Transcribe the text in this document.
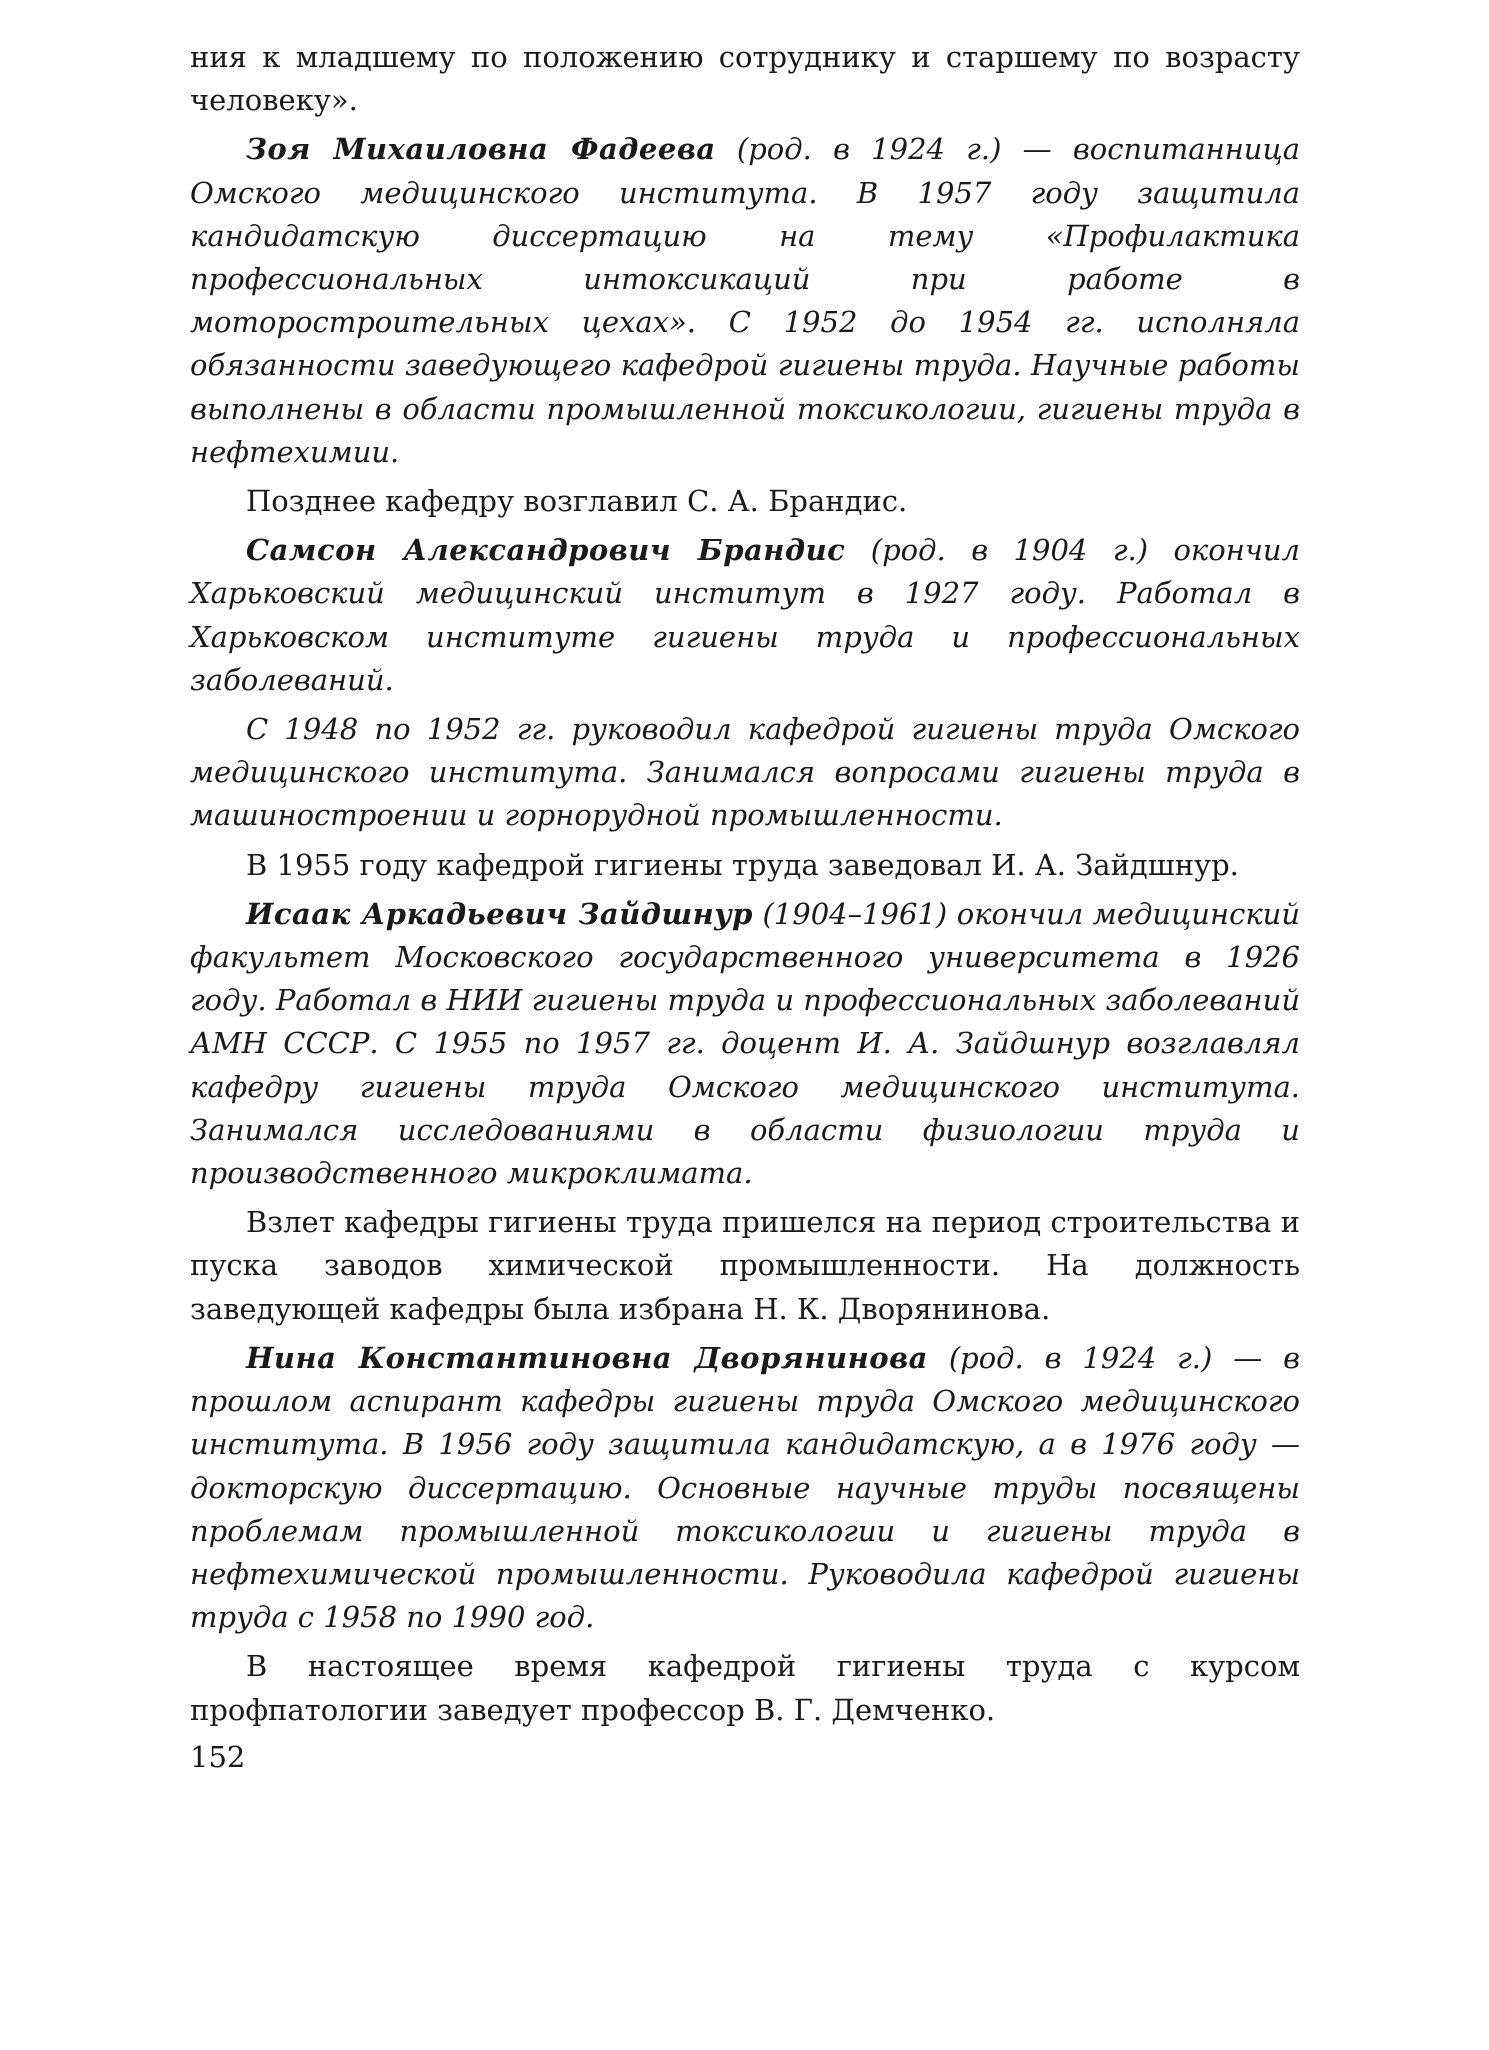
ния к младшему по положению сотруднику и старшему по возрасту человеку».

Зоя Михаиловна Фадеева (род. в 1924 г.) — воспитанница Омского медицинского института. В 1957 году защитила кандидатскую диссертацию на тему «Профилактика профессиональных интоксикаций при работе в моторостроительных цехах». С 1952 до 1954 гг. исполняла обязанности заведующего кафедрой гигиены труда. Научные работы выполнены в области промышленной токсикологии, гигиены труда в нефтехимии.

Позднее кафедру возглавил С. А. Брандис.

Самсон Александрович Брандис (род. в 1904 г.) окончил Харьковский медицинский институт в 1927 году. Работал в Харьковском институте гигиены труда и профессиональных заболеваний.

С 1948 по 1952 гг. руководил кафедрой гигиены труда Омского медицинского института. Занимался вопросами гигиены труда в машиностроении и горнорудной промышленности.

В 1955 году кафедрой гигиены труда заведовал И. А. Зайдшнур.

Исаак Аркадьевич Зайдшнур (1904–1961) окончил медицинский факультет Московского государственного университета в 1926 году. Работал в НИИ гигиены труда и профессиональных заболеваний АМН СССР. С 1955 по 1957 гг. доцент И. А. Зайдшнур возглавлял кафедру гигиены труда Омского медицинского института. Занимался исследованиями в области физиологии труда и производственного микроклимата.

Взлет кафедры гигиены труда пришелся на период строительства и пуска заводов химической промышленности. На должность заведующей кафедры была избрана Н. К. Дворянинова.

Нина Константиновна Дворянинова (род. в 1924 г.) — в прошлом аспирант кафедры гигиены труда Омского медицинского института. В 1956 году защитила кандидатскую, а в 1976 году — докторскую диссертацию. Основные научные труды посвящены проблемам промышленной токсикологии и гигиены труда в нефтехимической промышленности. Руководила кафедрой гигиены труда с 1958 по 1990 год.

В настоящее время кафедрой гигиены труда с курсом профпатологии заведует профессор В. Г. Демченко.

152
